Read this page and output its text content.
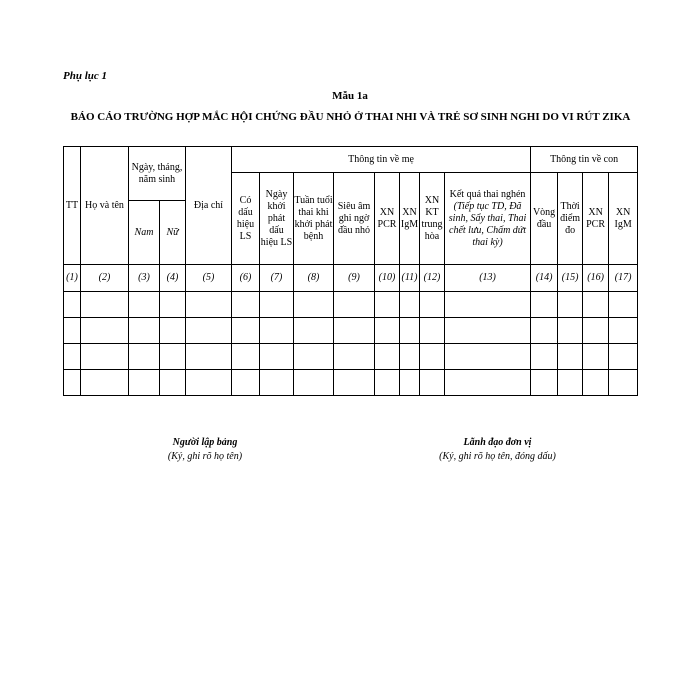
Phụ lục 1
Mẫu 1a
BÁO CÁO TRƯỜNG HỢP MẮC HỘI CHỨNG ĐẦU NHỎ Ở THAI NHI VÀ TRẺ SƠ SINH NGHI DO VI RÚT ZIKA
TT	Họ và tên	Ngày, tháng, năm sinh		Địa chỉ	Thông tin về mẹ								Thông tin về con			
					Có dấu hiệu LS	Ngày khởi phát dấu hiệu LS	Tuần tuổi thai khi khởi phát bệnh	Siêu âm ghi ngờ đầu nhỏ	XN PCR	XN IgM	XN KT trung hòa	Kết quả thai nghén (Tiếp tục TD, Đã sinh, Sẩy thai, Thai chết lưu, Chấm dứt thai kỳ)	Vòng đầu	Thời điểm đo	XN PCR	XN IgM
		Nam	Nữ													
(1)	(2)	(3)	(4)	(5)	(6)	(7)	(8)	(9)	(10)	(11)	(12)	(13)	(14)	(15)	(16)	(17)

Người lập bảng
(Ký, ghi rõ họ tên)
Lãnh đạo đơn vị
(Ký, ghi rõ họ tên, đóng dấu)
